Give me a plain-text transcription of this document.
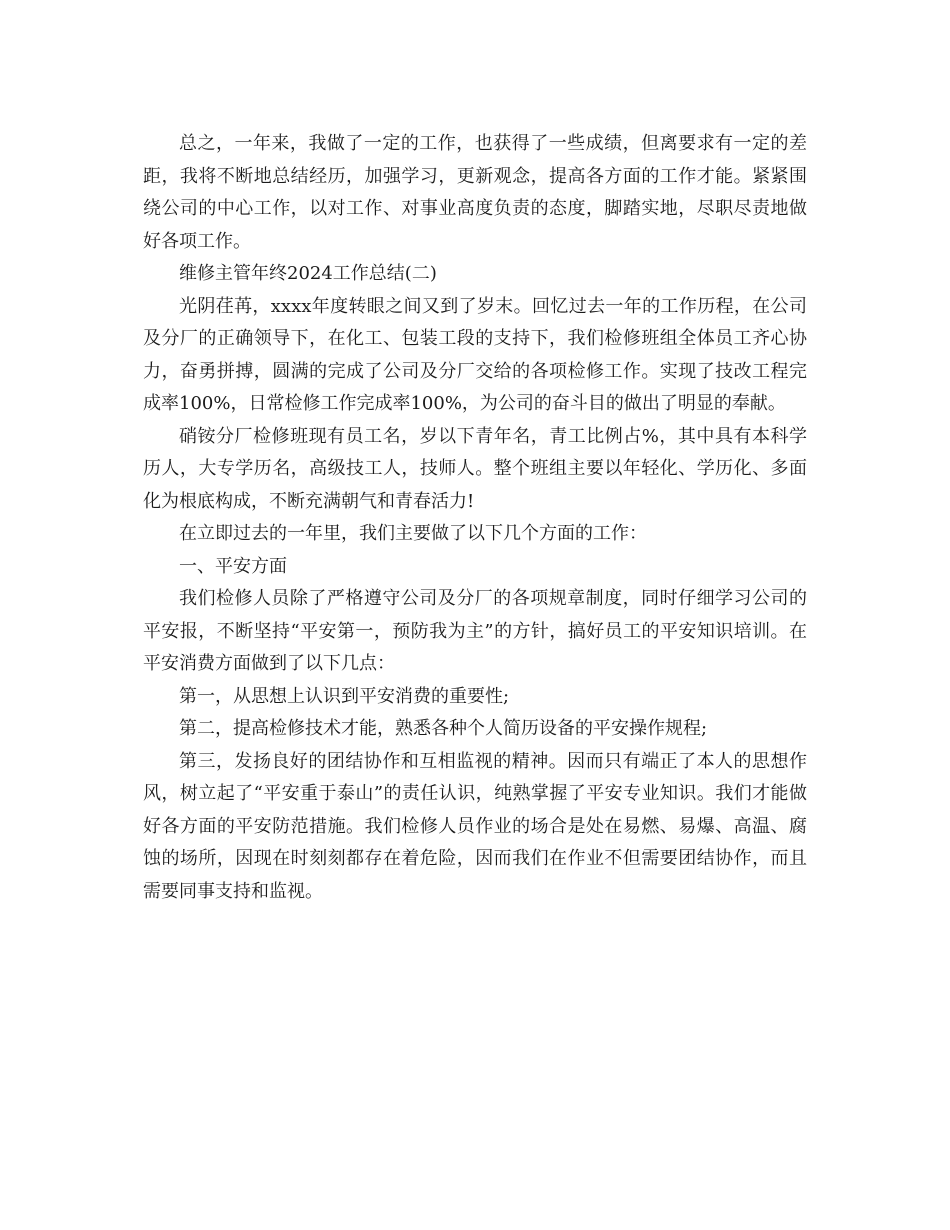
总之，一年来，我做了一定的工作，也获得了一些成绩，但离要求有一定的差距，我将不断地总结经历，加强学习，更新观念，提高各方面的工作才能。紧紧围绕公司的中心工作，以对工作、对事业高度负责的态度，脚踏实地，尽职尽责地做好各项工作。

维修主管年终2024工作总结(二)

光阴荏苒，xxxx年度转眼之间又到了岁末。回忆过去一年的工作历程，在公司及分厂的正确领导下，在化工、包装工段的支持下，我们检修班组全体员工齐心协力，奋勇拼搏，圆满的完成了公司及分厂交给的各项检修工作。实现了技改工程完成率100%，日常检修工作完成率100%，为公司的奋斗目的做出了明显的奉献。

硝铵分厂检修班现有员工名，岁以下青年名，青工比例占%，其中具有本科学历人，大专学历名，高级技工人，技师人。整个班组主要以年轻化、学历化、多面化为根底构成，不断充满朝气和青春活力!

在立即过去的一年里，我们主要做了以下几个方面的工作：

一、平安方面

我们检修人员除了严格遵守公司及分厂的各项规章制度，同时仔细学习公司的平安报，不断坚持“平安第一，预防我为主”的方针，搞好员工的平安知识培训。在平安消费方面做到了以下几点：

第一，从思想上认识到平安消费的重要性;

第二，提高检修技术才能，熟悉各种个人简历设备的平安操作规程;

第三，发扬良好的团结协作和互相监视的精神。因而只有端正了本人的思想作风，树立起了“平安重于泰山”的责任认识，纯熟掌握了平安专业知识。我们才能做好各方面的平安防范措施。我们检修人员作业的场合是处在易燃、易爆、高温、腐蚀的场所，因现在时刻刻都存在着危险，因而我们在作业不但需要团结协作，而且需要同事支持和监视。
